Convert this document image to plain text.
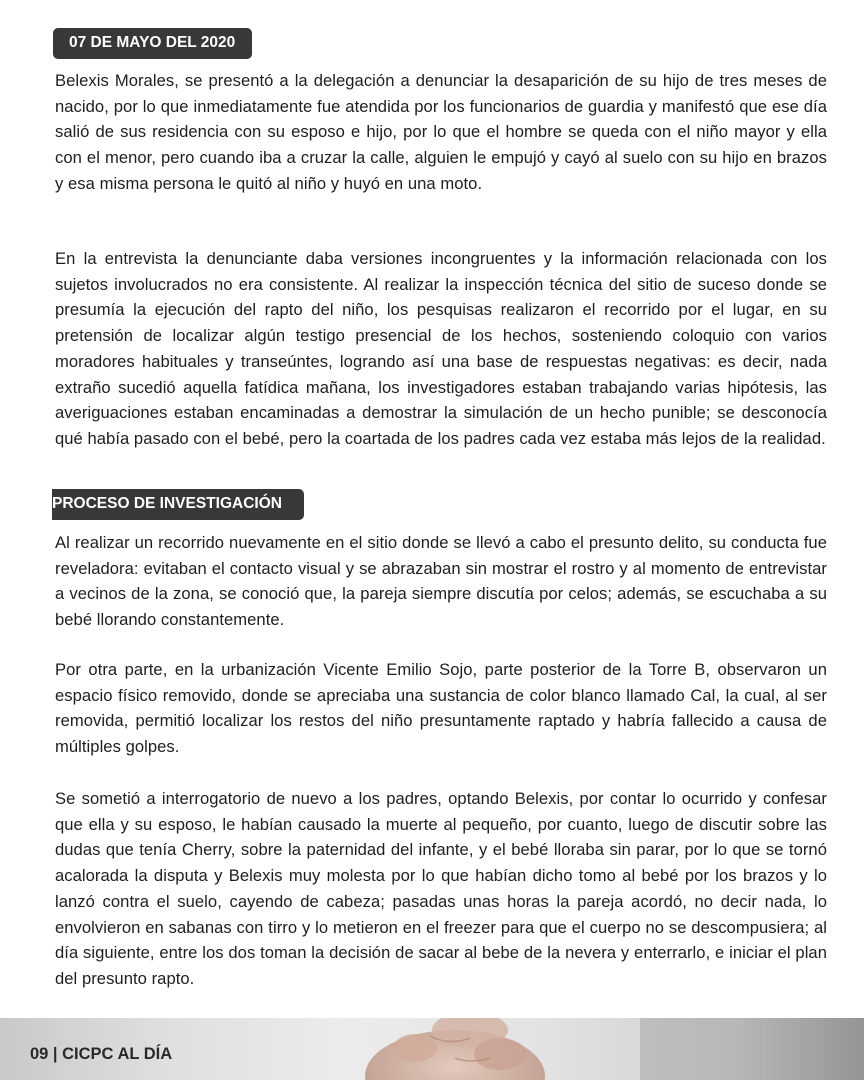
07 DE MAYO DEL 2020

Belexis Morales, se presentó a la delegación a denunciar la desaparición de su hijo de tres meses de nacido, por lo que inmediatamente fue atendida por los funcionarios de guardia y manifestó que ese día salió de sus residencia con su esposo e hijo, por lo que el hombre se queda con el niño mayor y ella con el menor, pero cuando iba a cruzar la calle, alguien le empujó y cayó al suelo con su hijo en brazos y esa misma persona le quitó al niño y huyó en una moto.

En la entrevista la denunciante daba versiones incongruentes y la información relacionada con los sujetos involucrados no era consistente. Al realizar la inspección técnica del sitio de suceso donde se presumía la ejecución del rapto del niño, los pesquisas realizaron el recorrido por el lugar, en su pretensión de localizar algún testigo presencial de los hechos, sosteniendo coloquio con varios moradores habituales y transeúntes, logrando así una base de respuestas negativas: es decir, nada extraño sucedió aquella fatídica mañana, los investigadores estaban trabajando varias hipótesis, las averiguaciones estaban encaminadas a demostrar la simulación de un hecho punible; se desconocía qué había pasado con el bebé, pero la coartada de los padres cada vez estaba más lejos de la realidad.

PROCESO DE INVESTIGACIÓN

Al realizar un recorrido nuevamente en el sitio donde se llevó a cabo el presunto delito, su conducta fue reveladora: evitaban el contacto visual y se abrazaban sin mostrar el rostro y al momento de entrevistar a vecinos de la zona, se conoció que, la pareja siempre discutía por celos; además, se escuchaba a su bebé llorando constantemente.

Por otra parte, en la urbanización Vicente Emilio Sojo, parte posterior de la Torre B, observaron un espacio físico removido, donde se apreciaba una sustancia de color blanco llamado Cal, la cual, al ser removida, permitió localizar los restos del niño presuntamente raptado y habría fallecido a causa de múltiples golpes.

Se sometió a interrogatorio de nuevo a los padres, optando Belexis, por contar lo ocurrido y confesar que ella y su esposo, le habían causado la muerte al pequeño, por cuanto, luego de discutir sobre las dudas que tenía Cherry, sobre la paternidad del infante, y el bebé lloraba sin parar, por lo que se tornó acalorada la disputa y Belexis muy molesta por lo que habían dicho tomo al bebé por los brazos y lo lanzó contra el suelo, cayendo de cabeza; pasadas unas horas la pareja acordó, no decir nada, lo envolvieron en sabanas con tirro y lo metieron en el freezer para que el cuerpo no se descompusiera; al día siguiente, entre los dos toman la decisión de sacar al bebe de la nevera y enterrarlo, e iniciar el plan del presunto rapto.

09 | CICPC AL DÍA
